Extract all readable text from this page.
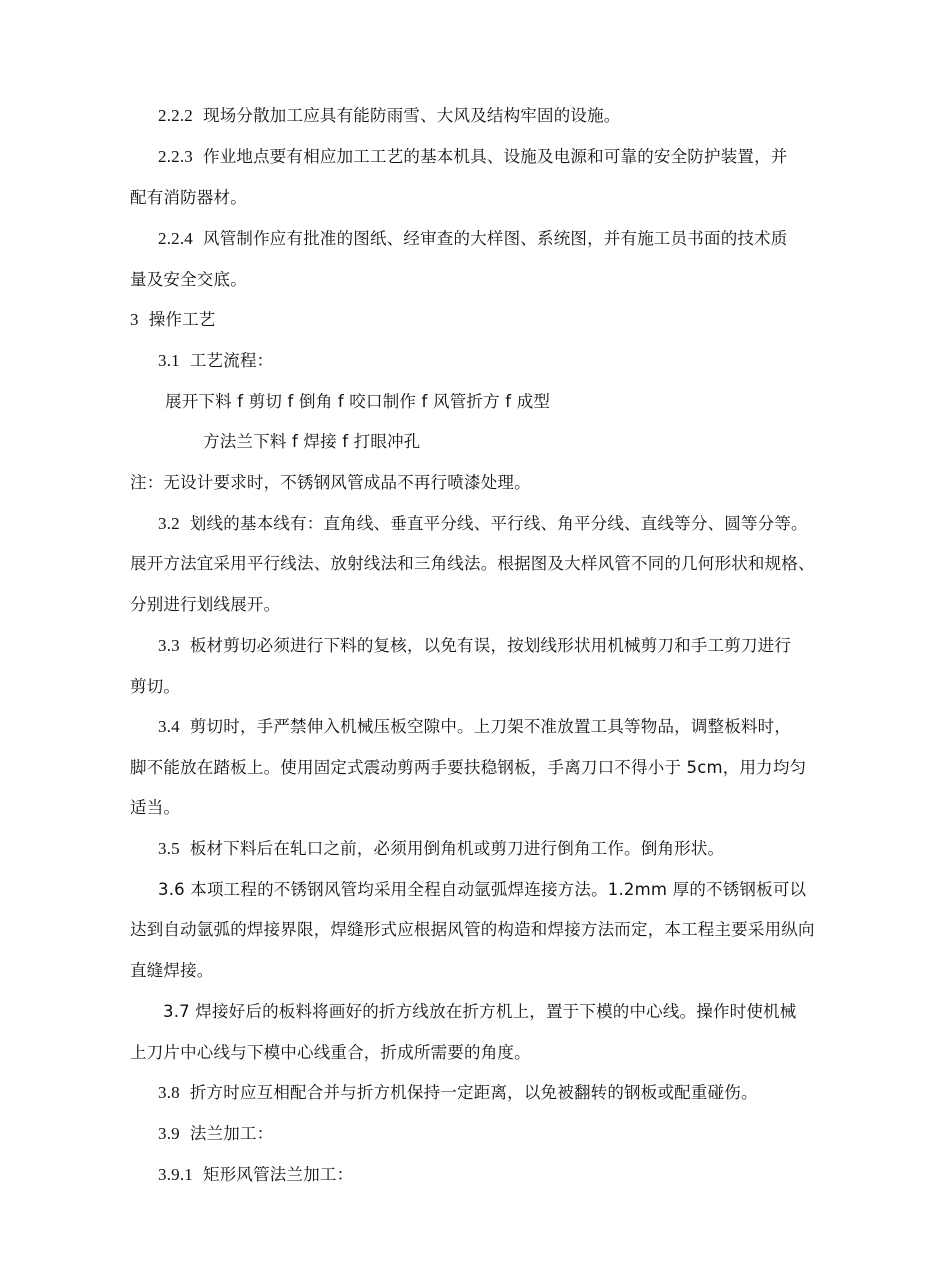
2.2.2 现场分散加工应具有能防雨雪、大风及结构牢固的设施。
2.2.3 作业地点要有相应加工工艺的基本机具、设施及电源和可靠的安全防护装置，并
配有消防器材。
2.2.4 风管制作应有批准的图纸、经审查的大样图、系统图，并有施工员书面的技术质
量及安全交底。
3 操作工艺
3.1 工艺流程：
展开下料 f 剪切 f 倒角 f 咬口制作 f 风管折方 f 成型
方法兰下料 f 焊接 f 打眼冲孔
注：无设计要求时，不锈钢风管成品不再行喷漆处理。
3.2 划线的基本线有：直角线、垂直平分线、平行线、角平分线、直线等分、圆等分等。
展开方法宜采用平行线法、放射线法和三角线法。根据图及大样风管不同的几何形状和规格、
分别进行划线展开。
3.3 板材剪切必须进行下料的复核，以免有误，按划线形状用机械剪刀和手工剪刀进行
剪切。
3.4 剪切时，手严禁伸入机械压板空隙中。上刀架不准放置工具等物品，调整板料时，
脚不能放在踏板上。使用固定式震动剪两手要扶稳钢板，手离刀口不得小于 5cm，用力均匀
适当。
3.5 板材下料后在轧口之前，必须用倒角机或剪刀进行倒角工作。倒角形状。
3.6 本项工程的不锈钢风管均采用全程自动氩弧焊连接方法。1.2mm 厚的不锈钢板可以
达到自动氩弧的焊接界限，焊缝形式应根据风管的构造和焊接方法而定，本工程主要采用纵向
直缝焊接。
3.7 焊接好后的板料将画好的折方线放在折方机上，置于下模的中心线。操作时使机械
上刀片中心线与下模中心线重合，折成所需要的角度。
3.8 折方时应互相配合并与折方机保持一定距离，以免被翻转的钢板或配重碰伤。
3.9 法兰加工：
3.9.1 矩形风管法兰加工：
